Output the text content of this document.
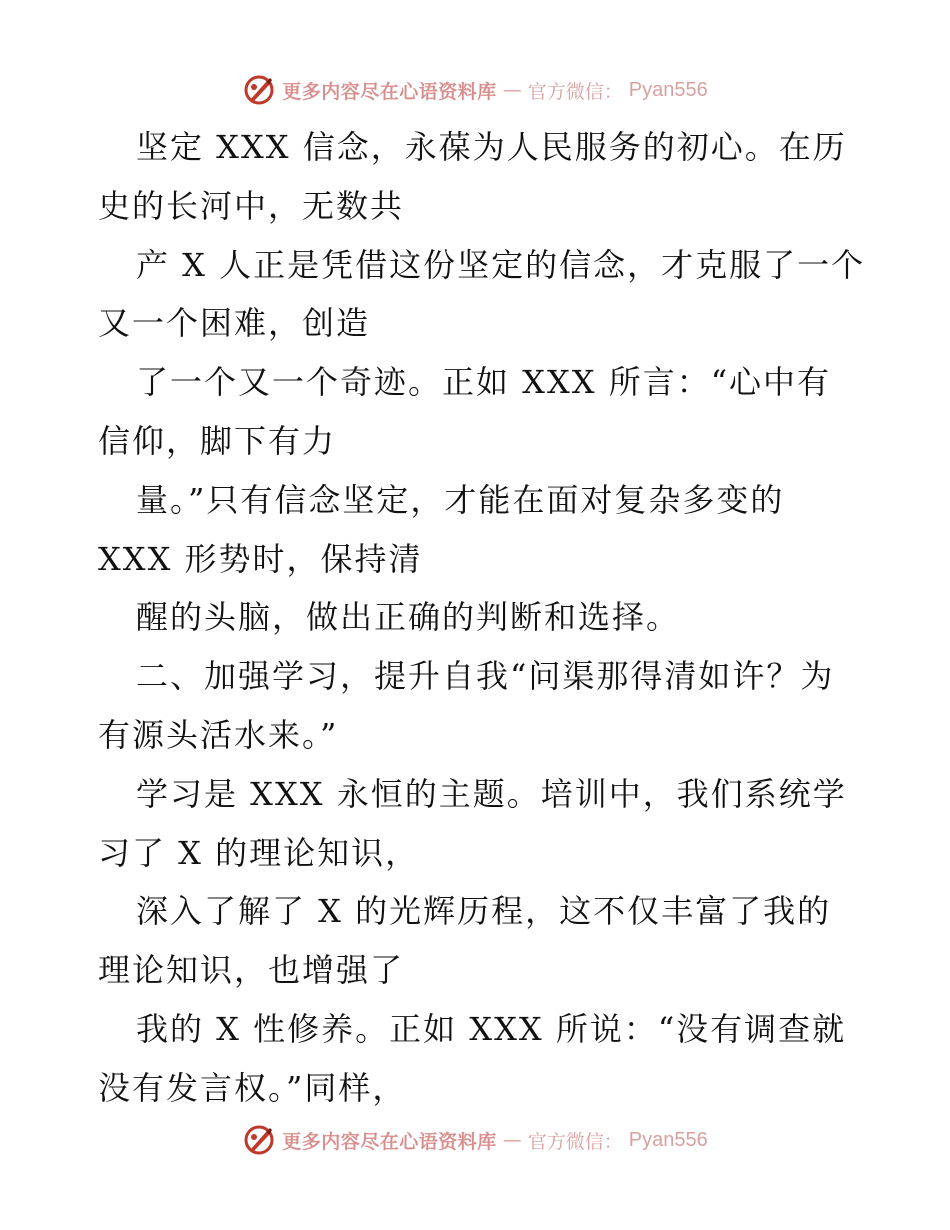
更多内容尽在心语资料库 — 官方微信： Pyan556
坚定 XXX 信念，永葆为人民服务的初心。在历
史的长河中，无数共
产 X 人正是凭借这份坚定的信念，才克服了一个
又一个困难，创造
了一个又一个奇迹。正如 XXX 所言：“心中有
信仰，脚下有力
量。”只有信念坚定，才能在面对复杂多变的
XXX 形势时，保持清
醒的头脑，做出正确的判断和选择。
二、加强学习，提升自我“问渠那得清如许？为
有源头活水来。”
学习是 XXX 永恒的主题。培训中，我们系统学
习了 X 的理论知识，
深入了解了 X 的光辉历程，这不仅丰富了我的
理论知识，也增强了
我的 X 性修养。正如 XXX 所说：“没有调查就
没有发言权。”同样，
更多内容尽在心语资料库 — 官方微信： Pyan556
